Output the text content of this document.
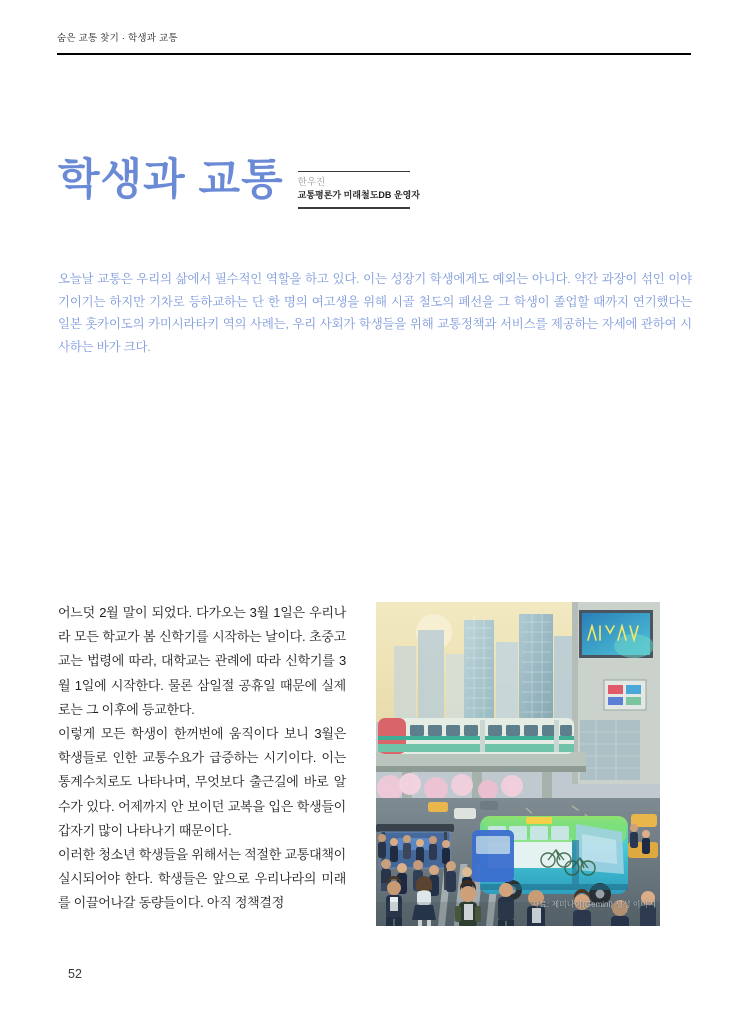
숨은 교통 찾기 · 학생과 교통
학생과 교통 한우진
교통평론가 미래철도DB 운영자
오늘날 교통은 우리의 삶에서 필수적인 역할을 하고 있다. 이는 성장기 학생에게도 예외는 아니다. 약간 과장이 섞인 이야기이기는 하지만 기차로 등하교하는 단 한 명의 여고생을 위해 시골 철도의 폐선을 그 학생이 졸업할 때까지 연기했다는 일본 홋카이도의 카미시라타키 역의 사례는, 우리 사회가 학생들을 위해 교통정책과 서비스를 제공하는 자세에 관하여 시사하는 바가 크다.

어느덧 2월 말이 되었다. 다가오는 3월 1일은 우리나라 모든 학교가 봄 신학기를 시작하는 날이다. 초중고교는 법령에 따라, 대학교는 관례에 따라 신학기를 3월 1일에 시작한다. 물론 삼일절 공휴일 때문에 실제로는 그 이후에 등교한다.

이렇게 모든 학생이 한꺼번에 움직이다 보니 3월은 학생들로 인한 교통수요가 급증하는 시기이다. 이는 통계수치로도 나타나며, 무엇보다 출근길에 바로 알 수가 있다. 어제까지 안 보이던 교복을 입은 학생들이 갑자기 많이 나타나기 때문이다.

이러한 청소년 학생들을 위해서는 적절한 교통대책이 실시되어야 한다. 학생들은 앞으로 우리나라의 미래를 이끌어나갈 동량들이다. 아직 정책결정	자료: 제미나이(Gemini) 생성 이미지
52
